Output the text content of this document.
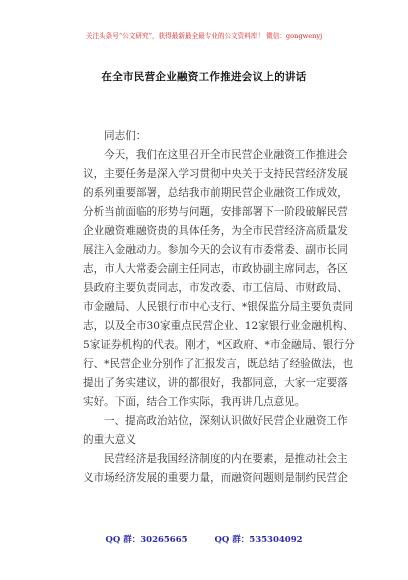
关注头条号“公文研究”，获得最新最全最专业的公文资料库！ 微信：gongwenyj
在全市民营企业融资工作推进会议上的讲话
同志们：
今天，我们在这里召开全市民营企业融资工作推进会
议，主要任务是深入学习贯彻中央关于支持民营经济发展
的系列重要部署，总结我市前期民营企业融资工作成效，
分析当前面临的形势与问题，安排部署下一阶段破解民营
企业融资难融资贵的具体任务，为全市民营经济高质量发
展注入金融动力。参加今天的会议有市委常委、副市长同
志，市人大常委会副主任同志，市政协副主席同志，各区
县政府主要负责同志，市发改委、市工信局、市财政局、
市金融局、人民银行市中心支行、*银保监分局主要负责同
志，以及全市30家重点民营企业、12家银行业金融机构、
5家证券机构的代表。刚才，*区政府、*市金融局、银行分
行、*民营企业分别作了汇报发言，既总结了经验做法，也
提出了务实建议，讲的都很好，我都同意，大家一定要落
实好。下面，结合工作实际，我再讲几点意见。
一、提高政治站位，深刻认识做好民营企业融资工作
的重大意义
民营经济是我国经济制度的内在要素，是推动社会主
义市场经济发展的重要力量，而融资问题则是制约民营企
QQ 群：30265665	QQ 群：535304092
